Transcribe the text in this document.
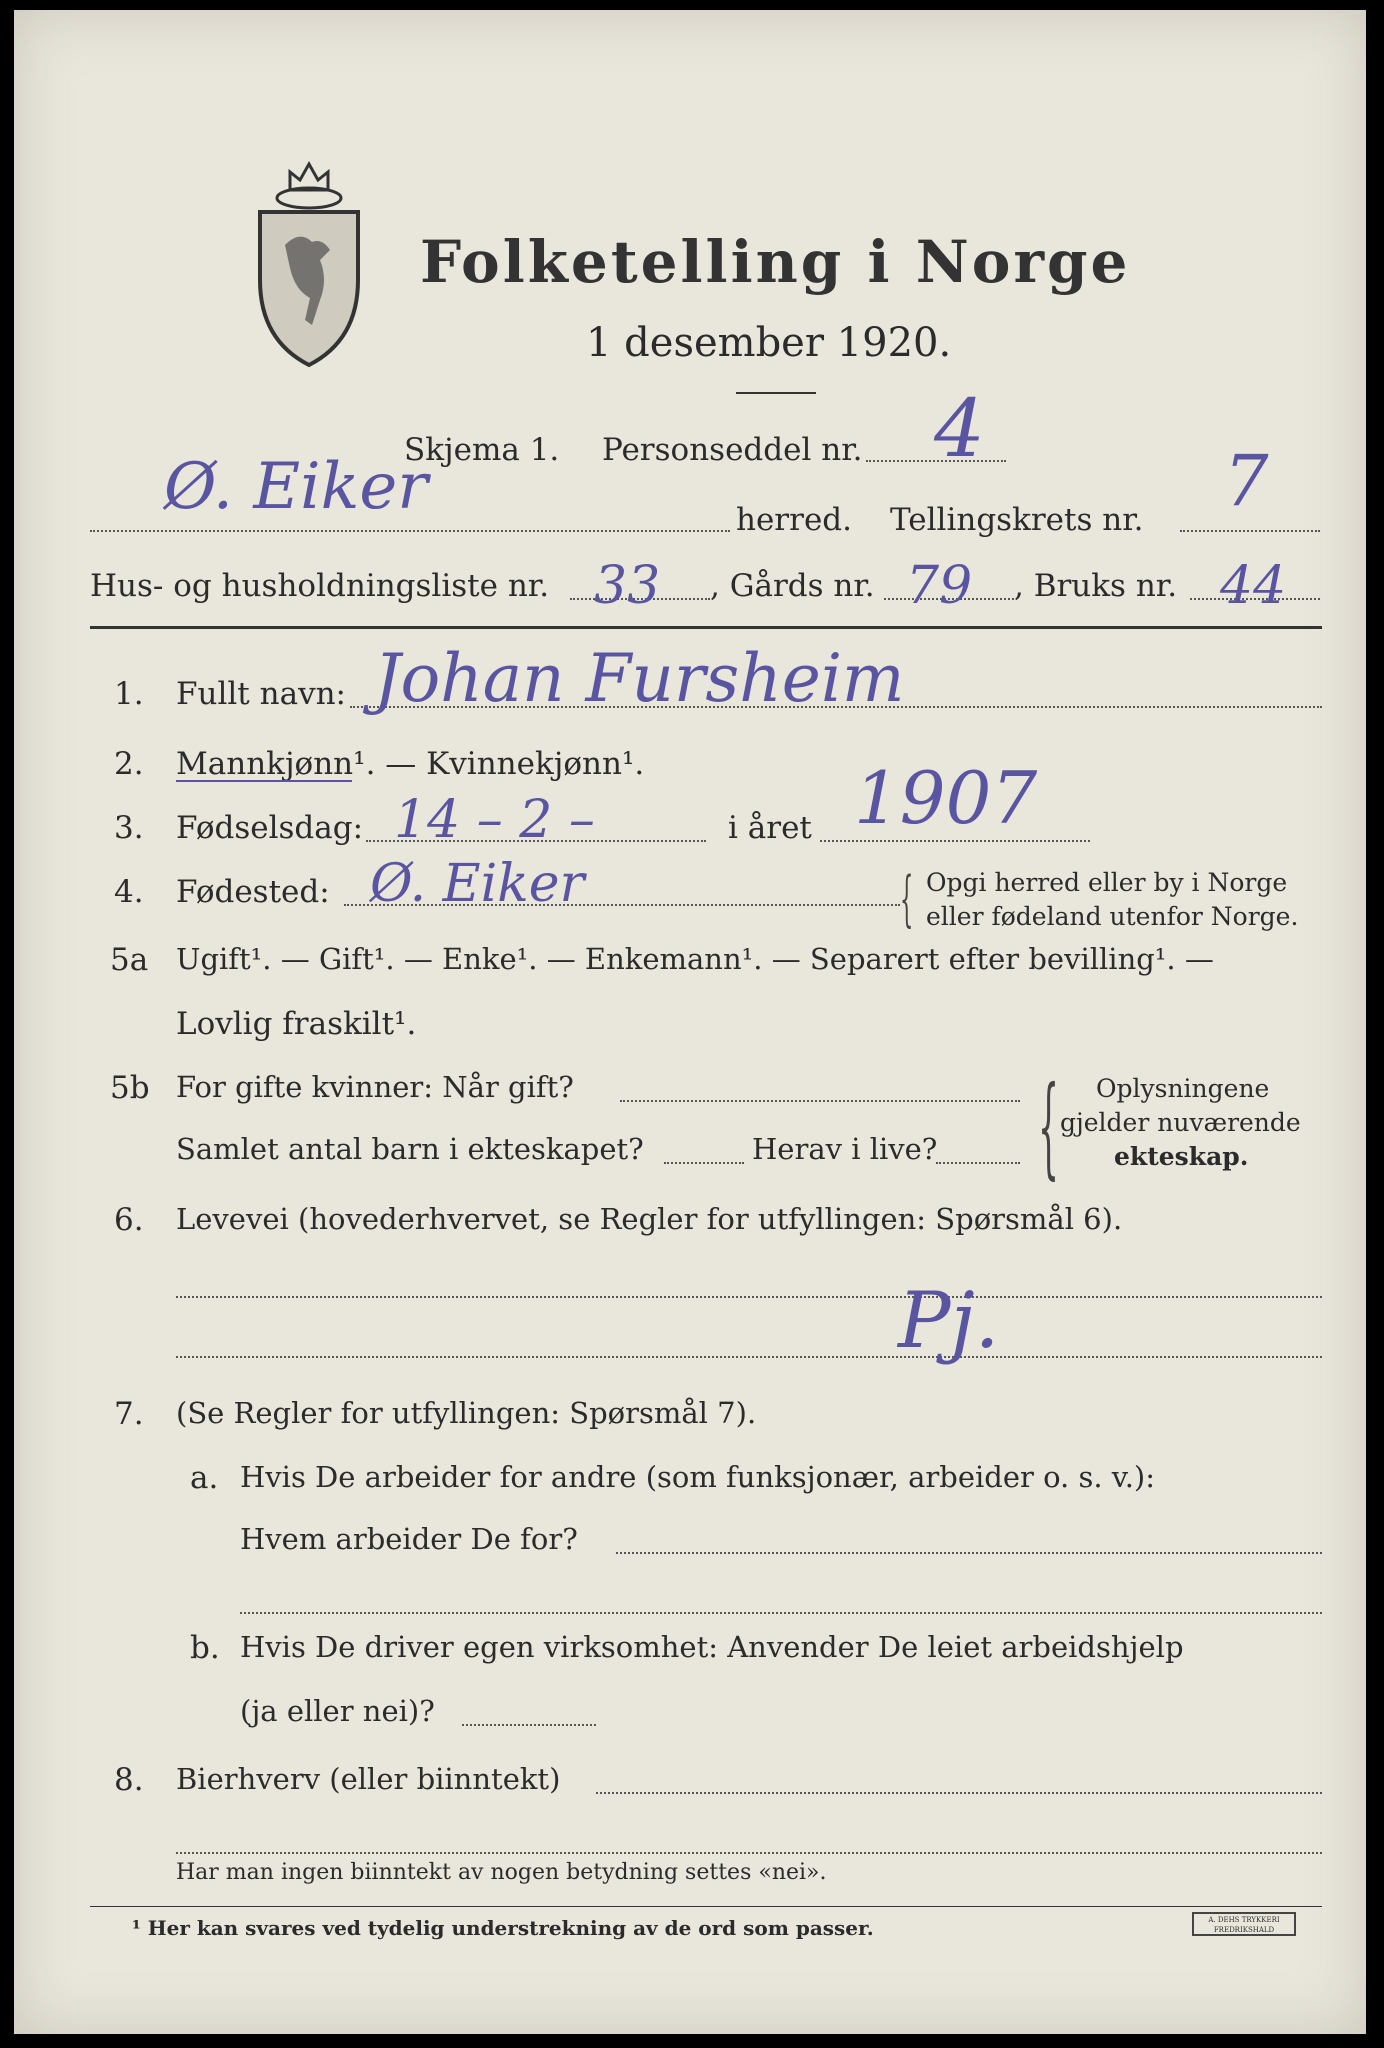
Folketelling i Norge
1 desember 1920.
Skjema 1. Personseddel nr. 4
Ø. Eiker	herred. Tellingskrets nr. 7
Hus- og husholdningsliste nr. 33 , Gårds nr. 79 , Bruks nr. 44
1. Fullt navn: Johan Fursheim
2. Mannkjønn¹. — Kvinnekjønn¹.
3. Fødselsdag: 14 – 2 –	i året 1907
4. Fødested: Ø. Eiker	{ Opgi herred eller by i Norge
eller fødeland utenfor Norge.
5a Ugift¹. — Gift¹. — Enke¹. — Enkemann¹. — Separert efter bevilling¹. —
Lovlig fraskilt¹.
5b For gifte kvinner: Når gift?
Samlet antal barn i ekteskapet?	Herav i live? { Oplysningene
gjelder nuværende
ekteskap.
6. Levevei (hovederhvervet, se Regler for utfyllingen: Spørsmål 6).
Pj.
7. (Se Regler for utfyllingen: Spørsmål 7).
a. Hvis De arbeider for andre (som funksjonær, arbeider o. s. v.):
Hvem arbeider De for?
b. Hvis De driver egen virksomhet: Anvender De leiet arbeidshjelp
(ja eller nei)?
8. Bierhverv (eller biinntekt)
Har man ingen biinntekt av nogen betydning settes «nei».
¹ Her kan svares ved tydelig understrekning av de ord som passer.	A. DEHS TRYKKERI FREDRIKSHALD
